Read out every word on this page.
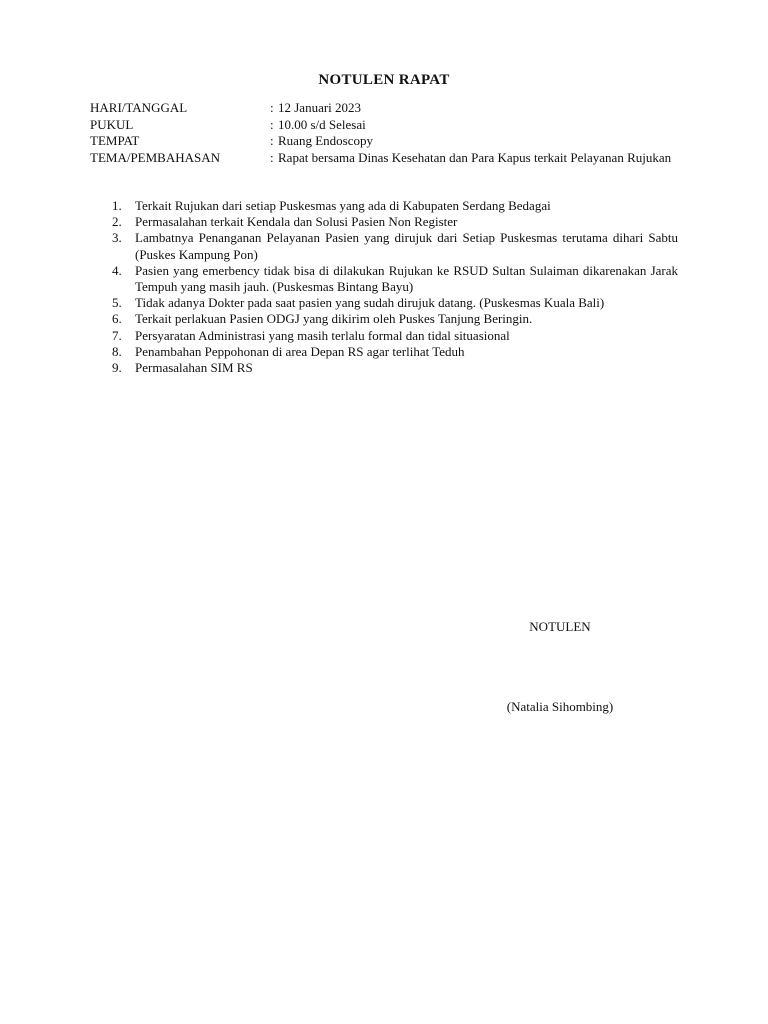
NOTULEN RAPAT
HARI/TANGGAL	: 12 Januari 2023
PUKUL	: 10.00 s/d Selesai
TEMPAT	: Ruang Endoscopy
TEMA/PEMBAHASAN	: Rapat bersama Dinas Kesehatan dan Para Kapus terkait Pelayanan Rujukan
1.	Terkait Rujukan dari setiap Puskesmas yang ada di Kabupaten Serdang Bedagai
2.	Permasalahan terkait Kendala dan Solusi Pasien Non Register
3.	Lambatnya Penanganan Pelayanan Pasien yang dirujuk dari Setiap Puskesmas terutama dihari Sabtu (Puskes Kampung Pon)
4.	Pasien yang emerbency tidak bisa di dilakukan Rujukan ke RSUD Sultan Sulaiman dikarenakan Jarak Tempuh yang masih jauh. (Puskesmas Bintang Bayu)
5.	Tidak adanya Dokter pada saat pasien yang sudah dirujuk datang. (Puskesmas Kuala Bali)
6.	Terkait perlakuan Pasien ODGJ yang dikirim oleh Puskes Tanjung Beringin.
7.	Persyaratan Administrasi yang masih terlalu formal dan tidal situasional
8.	Penambahan Peppohonan di area Depan RS agar terlihat Teduh
9.	Permasalahan SIM RS
NOTULEN
(Natalia Sihombing)
